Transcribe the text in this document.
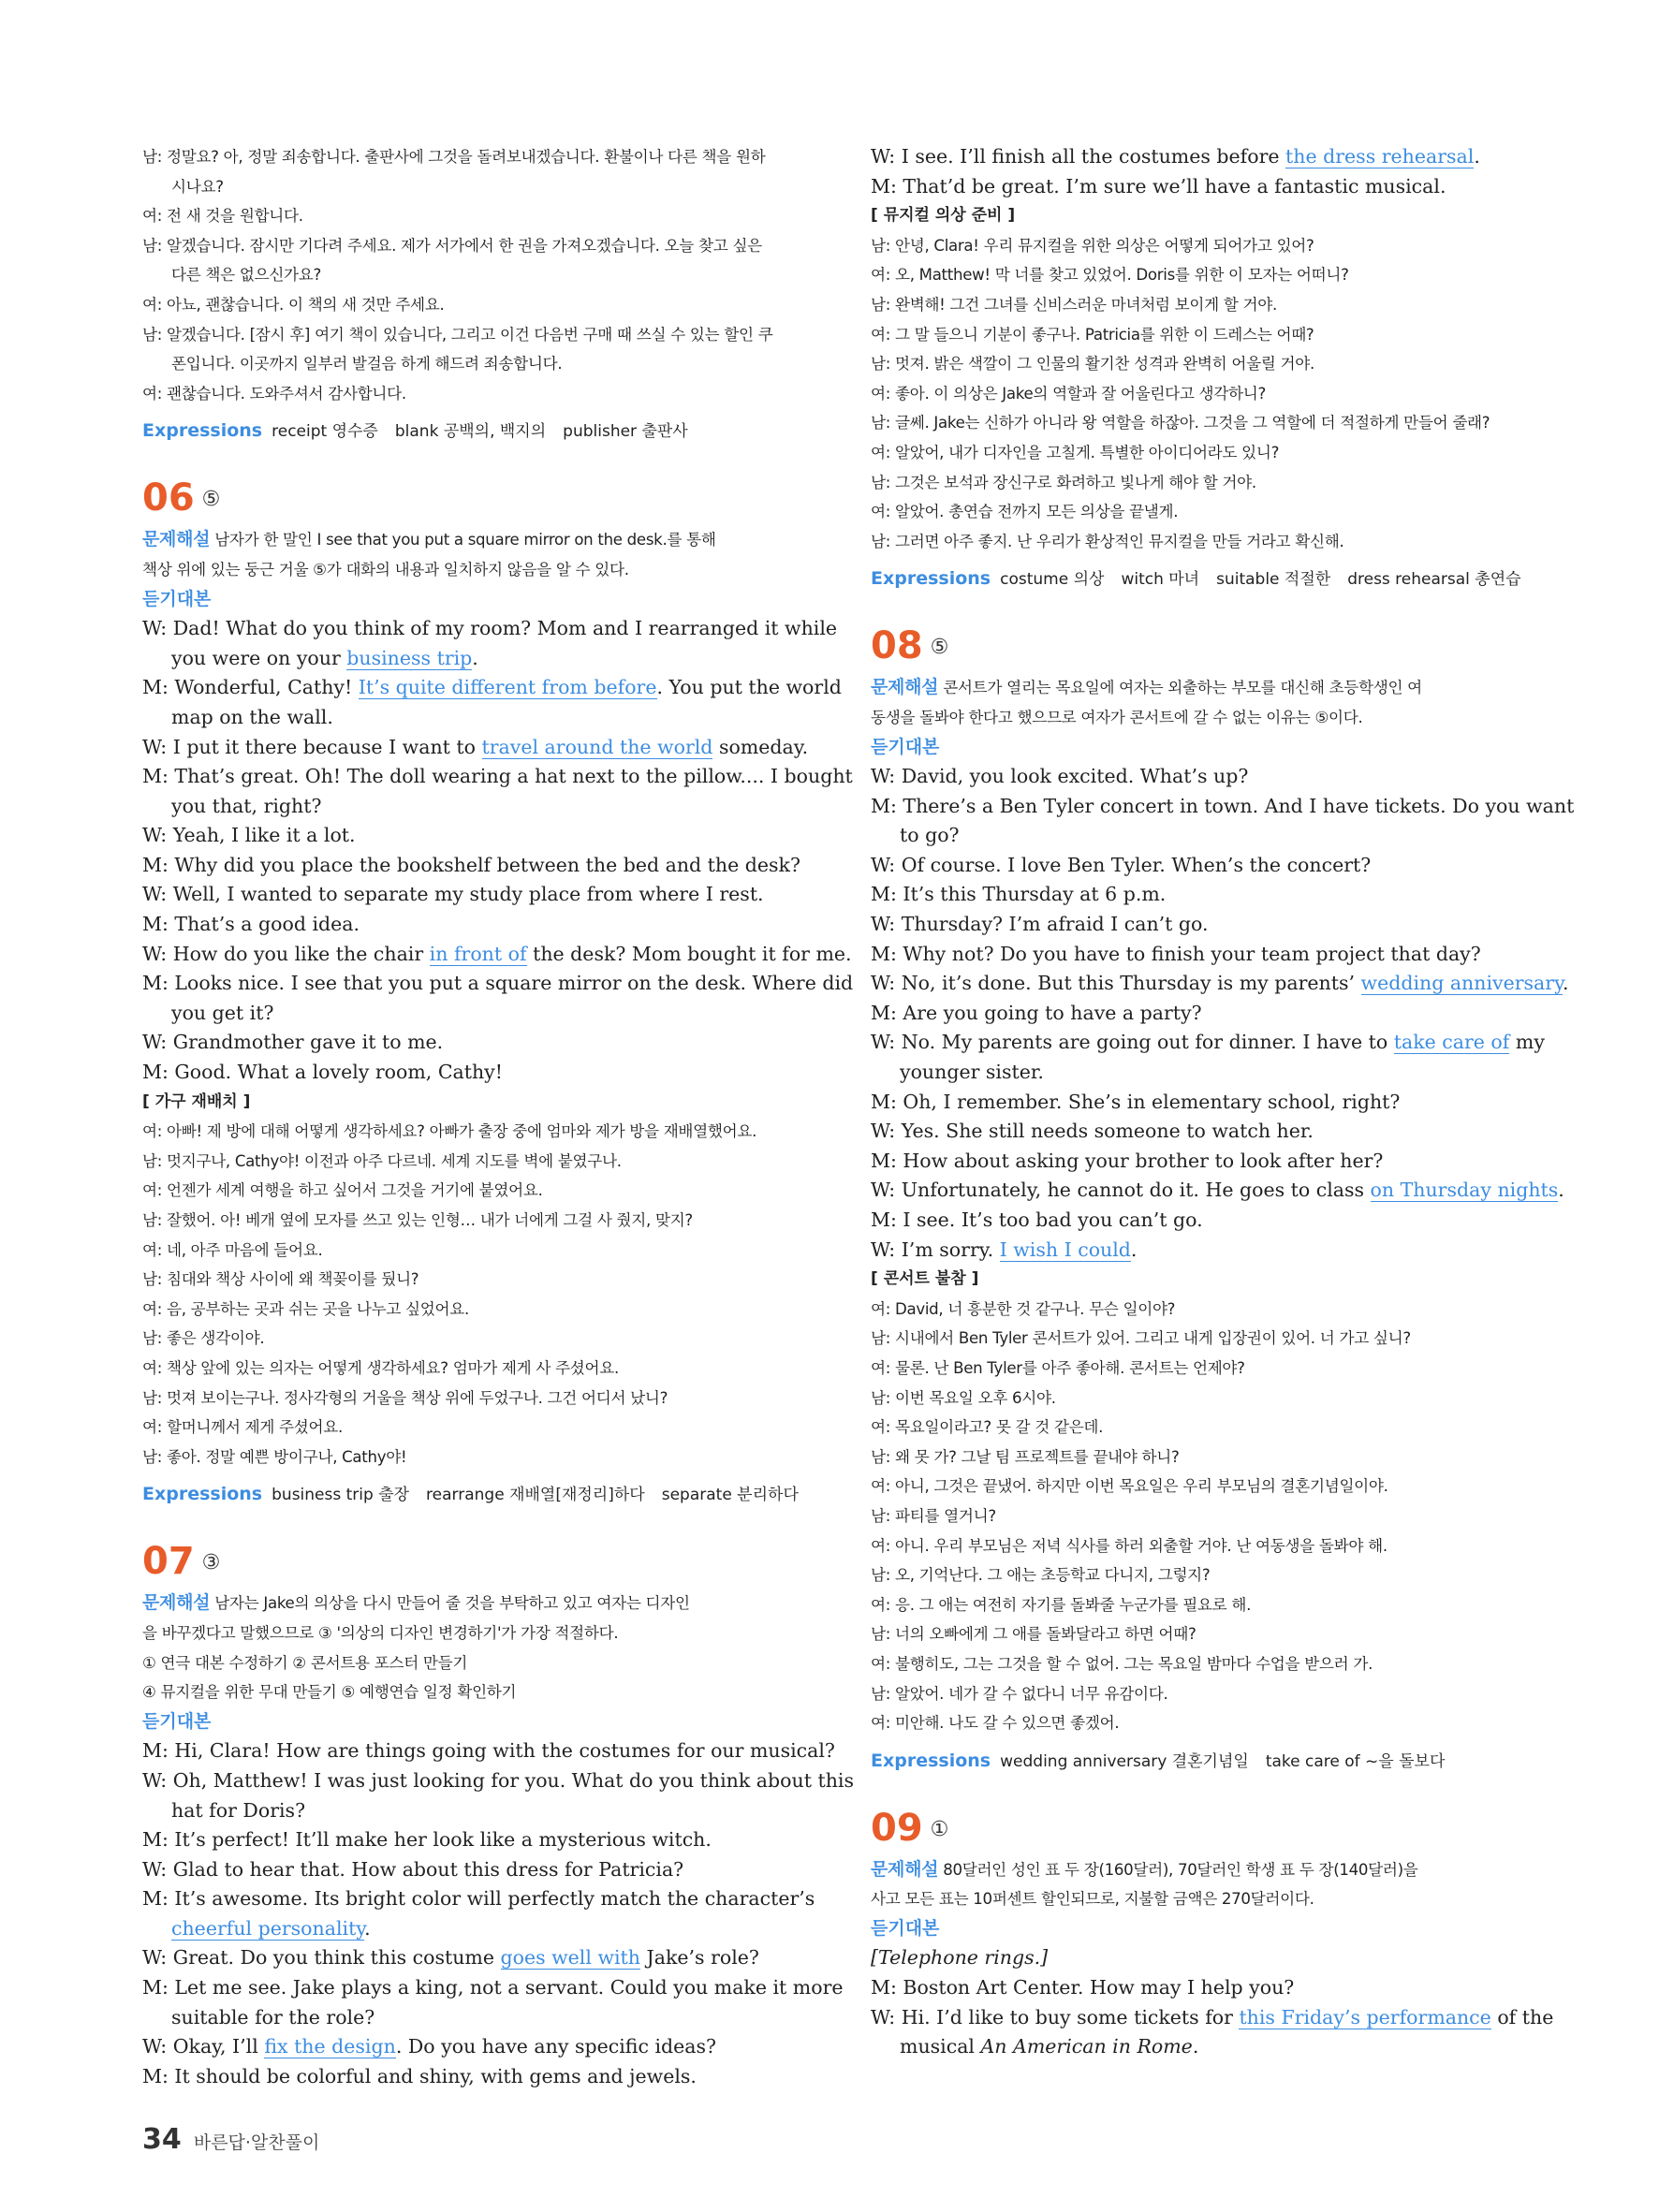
남: 정말요? 아, 정말 죄송합니다. 출판사에 그것을 돌려보내겠습니다. 환불이나 다른 책을 원하
시나요?
여: 전 새 것을 원합니다.
남: 알겠습니다. 잠시만 기다려 주세요. 제가 서가에서 한 권을 가져오겠습니다. 오늘 찾고 싶은
다른 책은 없으신가요?
여: 아뇨, 괜찮습니다. 이 책의 새 것만 주세요.
남: 알겠습니다. [잠시 후] 여기 책이 있습니다, 그리고 이건 다음번 구매 때 쓰실 수 있는 할인 쿠
폰입니다. 이곳까지 일부러 발걸음 하게 해드려 죄송합니다.
여: 괜찮습니다. 도와주셔서 감사합니다.
Expressions receipt 영수증 blank 공백의, 백지의 publisher 출판사
06 ⑤
문제해설 남자가 한 말인 I see that you put a square mirror on the desk.를 통해
책상 위에 있는 둥근 거울 ⑤가 대화의 내용과 일치하지 않음을 알 수 있다.
듣기대본
W: Dad! What do you think of my room? Mom and I rearranged it while
you were on your business trip.
M: Wonderful, Cathy! It’s quite different from before. You put the world
map on the wall.
W: I put it there because I want to travel around the world someday.
M: That’s great. Oh! The doll wearing a hat next to the pillow.... I bought
you that, right?
W: Yeah, I like it a lot.
M: Why did you place the bookshelf between the bed and the desk?
W: Well, I wanted to separate my study place from where I rest.
M: That’s a good idea.
W: How do you like the chair in front of the desk? Mom bought it for me.
M: Looks nice. I see that you put a square mirror on the desk. Where did
you get it?
W: Grandmother gave it to me.
M: Good. What a lovely room, Cathy!
[ 가구 재배치 ]
여: 아빠! 제 방에 대해 어떻게 생각하세요? 아빠가 출장 중에 엄마와 제가 방을 재배열했어요.
남: 멋지구나, Cathy야! 이전과 아주 다르네. 세계 지도를 벽에 붙였구나.
여: 언젠가 세계 여행을 하고 싶어서 그것을 거기에 붙였어요.
남: 잘했어. 아! 베개 옆에 모자를 쓰고 있는 인형… 내가 너에게 그걸 사 줬지, 맞지?
여: 네, 아주 마음에 들어요.
남: 침대와 책상 사이에 왜 책꽂이를 뒀니?
여: 음, 공부하는 곳과 쉬는 곳을 나누고 싶었어요.
남: 좋은 생각이야.
여: 책상 앞에 있는 의자는 어떻게 생각하세요? 엄마가 제게 사 주셨어요.
남: 멋져 보이는구나. 정사각형의 거울을 책상 위에 두었구나. 그건 어디서 났니?
여: 할머니께서 제게 주셨어요.
남: 좋아. 정말 예쁜 방이구나, Cathy야!
Expressions business trip 출장 rearrange 재배열[재정리]하다 separate 분리하다
07 ③
문제해설 남자는 Jake의 의상을 다시 만들어 줄 것을 부탁하고 있고 여자는 디자인
을 바꾸겠다고 말했으므로 ③ '의상의 디자인 변경하기'가 가장 적절하다.
① 연극 대본 수정하기 ② 콘서트용 포스터 만들기
④ 뮤지컬을 위한 무대 만들기 ⑤ 예행연습 일정 확인하기
듣기대본
M: Hi, Clara! How are things going with the costumes for our musical?
W: Oh, Matthew! I was just looking for you. What do you think about this
hat for Doris?
M: It’s perfect! It’ll make her look like a mysterious witch.
W: Glad to hear that. How about this dress for Patricia?
M: It’s awesome. Its bright color will perfectly match the character’s
cheerful personality.
W: Great. Do you think this costume goes well with Jake’s role?
M: Let me see. Jake plays a king, not a servant. Could you make it more
suitable for the role?
W: Okay, I’ll fix the design. Do you have any specific ideas?
M: It should be colorful and shiny, with gems and jewels.
W: I see. I’ll finish all the costumes before the dress rehearsal.
M: That’d be great. I’m sure we’ll have a fantastic musical.
[ 뮤지컬 의상 준비 ]
남: 안녕, Clara! 우리 뮤지컬을 위한 의상은 어떻게 되어가고 있어?
여: 오, Matthew! 막 너를 찾고 있었어. Doris를 위한 이 모자는 어떠니?
남: 완벽해! 그건 그녀를 신비스러운 마녀처럼 보이게 할 거야.
여: 그 말 들으니 기분이 좋구나. Patricia를 위한 이 드레스는 어때?
남: 멋져. 밝은 색깔이 그 인물의 활기찬 성격과 완벽히 어울릴 거야.
여: 좋아. 이 의상은 Jake의 역할과 잘 어울린다고 생각하니?
남: 글쎄. Jake는 신하가 아니라 왕 역할을 하잖아. 그것을 그 역할에 더 적절하게 만들어 줄래?
여: 알았어, 내가 디자인을 고칠게. 특별한 아이디어라도 있니?
남: 그것은 보석과 장신구로 화려하고 빛나게 해야 할 거야.
여: 알았어. 총연습 전까지 모든 의상을 끝낼게.
남: 그러면 아주 좋지. 난 우리가 환상적인 뮤지컬을 만들 거라고 확신해.
Expressions costume 의상 witch 마녀 suitable 적절한 dress rehearsal 총연습
08 ⑤
문제해설 콘서트가 열리는 목요일에 여자는 외출하는 부모를 대신해 초등학생인 여
동생을 돌봐야 한다고 했으므로 여자가 콘서트에 갈 수 없는 이유는 ⑤이다.
듣기대본
W: David, you look excited. What’s up?
M: There’s a Ben Tyler concert in town. And I have tickets. Do you want
to go?
W: Of course. I love Ben Tyler. When’s the concert?
M: It’s this Thursday at 6 p.m.
W: Thursday? I’m afraid I can’t go.
M: Why not? Do you have to finish your team project that day?
W: No, it’s done. But this Thursday is my parents’ wedding anniversary.
M: Are you going to have a party?
W: No. My parents are going out for dinner. I have to take care of my
younger sister.
M: Oh, I remember. She’s in elementary school, right?
W: Yes. She still needs someone to watch her.
M: How about asking your brother to look after her?
W: Unfortunately, he cannot do it. He goes to class on Thursday nights.
M: I see. It’s too bad you can’t go.
W: I’m sorry. I wish I could.
[ 콘서트 불참 ]
여: David, 너 흥분한 것 같구나. 무슨 일이야?
남: 시내에서 Ben Tyler 콘서트가 있어. 그리고 내게 입장권이 있어. 너 가고 싶니?
여: 물론. 난 Ben Tyler를 아주 좋아해. 콘서트는 언제야?
남: 이번 목요일 오후 6시야.
여: 목요일이라고? 못 갈 것 같은데.
남: 왜 못 가? 그날 팀 프로젝트를 끝내야 하니?
여: 아니, 그것은 끝냈어. 하지만 이번 목요일은 우리 부모님의 결혼기념일이야.
남: 파티를 열거니?
여: 아니. 우리 부모님은 저녁 식사를 하러 외출할 거야. 난 여동생을 돌봐야 해.
남: 오, 기억난다. 그 애는 초등학교 다니지, 그렇지?
여: 응. 그 애는 여전히 자기를 돌봐줄 누군가를 필요로 해.
남: 너의 오빠에게 그 애를 돌봐달라고 하면 어때?
여: 불행히도, 그는 그것을 할 수 없어. 그는 목요일 밤마다 수업을 받으러 가.
남: 알았어. 네가 갈 수 없다니 너무 유감이다.
여: 미안해. 나도 갈 수 있으면 좋겠어.
Expressions wedding anniversary 결혼기념일 take care of ~을 돌보다
09 ①
문제해설 80달러인 성인 표 두 장(160달러), 70달러인 학생 표 두 장(140달러)을
사고 모든 표는 10퍼센트 할인되므로, 지불할 금액은 270달러이다.
듣기대본
[Telephone rings.]
M: Boston Art Center. How may I help you?
W: Hi. I’d like to buy some tickets for this Friday’s performance of the
musical An American in Rome.
34 바른답·알찬풀이
